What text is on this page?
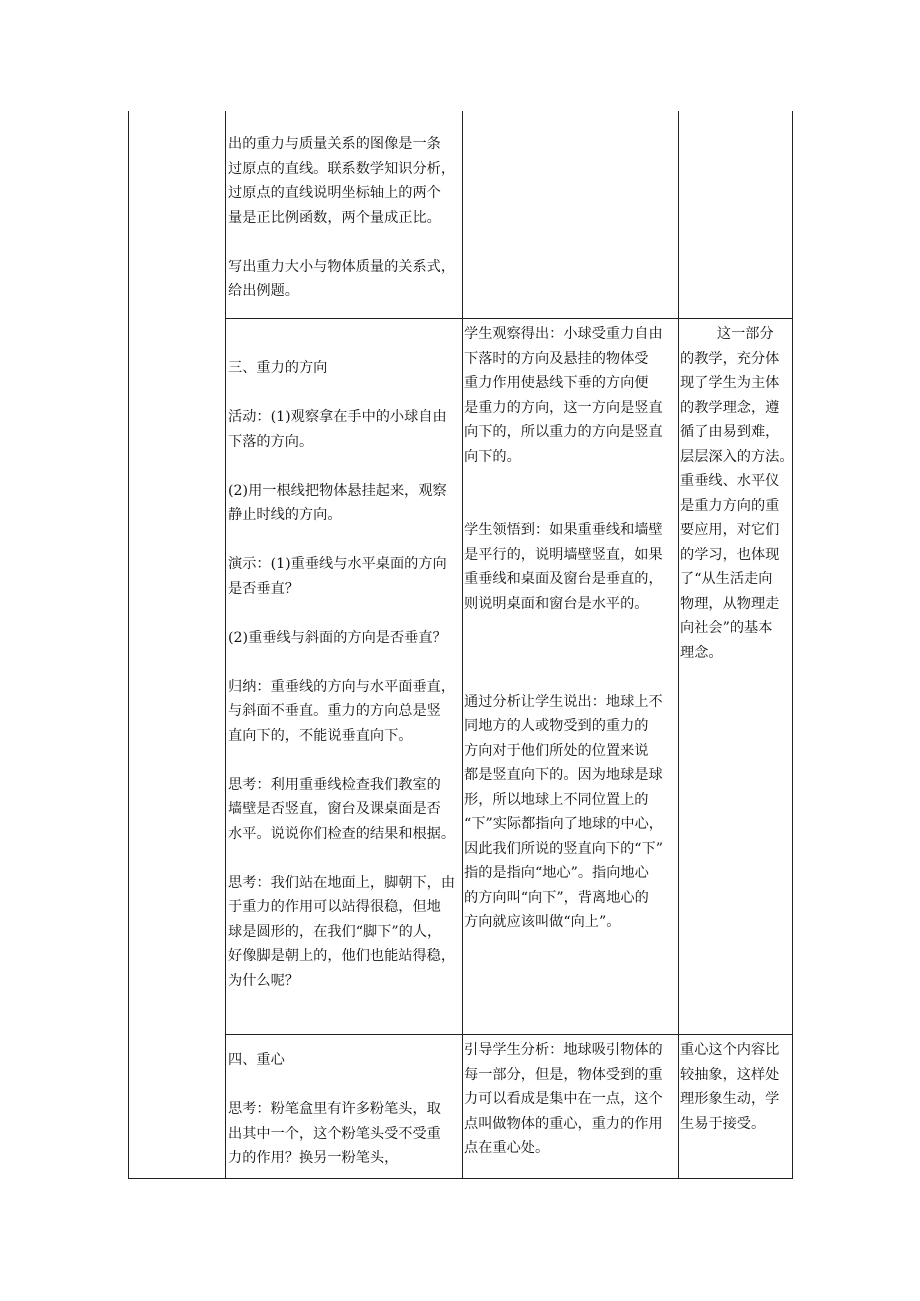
出的重力与质量关系的图像是一条
过原点的直线。联系数学知识分析，
过原点的直线说明坐标轴上的两个
量是正比例函数，两个量成正比。

写出重力大小与物体质量的关系式，
给出例题。

三、重力的方向

活动：(1)观察拿在手中的小球自由
下落的方向。

(2)用一根线把物体悬挂起来，观察
静止时线的方向。

演示：(1)重垂线与水平桌面的方向
是否垂直？

(2)重垂线与斜面的方向是否垂直？

归纳：重垂线的方向与水平面垂直，
与斜面不垂直。重力的方向总是竖
直向下的，不能说垂直向下。

思考：利用重垂线检查我们教室的
墙壁是否竖直，窗台及课桌面是否
水平。说说你们检查的结果和根据。

思考：我们站在地面上，脚朝下，由
于重力的作用可以站得很稳，但地
球是圆形的，在我们“脚下”的人，
好像脚是朝上的，他们也能站得稳，
为什么呢？

学生观察得出：小球受重力自由
下落时的方向及悬挂的物体受
重力作用使悬线下垂的方向便
是重力的方向，这一方向是竖直
向下的，所以重力的方向是竖直
向下的。

学生领悟到：如果重垂线和墙壁
是平行的，说明墙壁竖直，如果
重垂线和桌面及窗台是垂直的，
则说明桌面和窗台是水平的。

通过分析让学生说出：地球上不
同地方的人或物受到的重力的
方向对于他们所处的位置来说
都是竖直向下的。因为地球是球
形，所以地球上不同位置上的
“下”实际都指向了地球的中心，
因此我们所说的竖直向下的“下”
指的是指向“地心”。指向地心
的方向叫“向下”，背离地心的
方向就应该叫做“向上”。

这一部分

的教学，充分体
现了学生为主体
的教学理念，遵
循了由易到难，
层层深入的方法。
重垂线、水平仪
是重力方向的重
要应用，对它们
的学习，也体现
了“从生活走向
物理，从物理走
向社会”的基本
理念。

四、重心

思考：粉笔盒里有许多粉笔头，取
出其中一个，这个粉笔头受不受重
力的作用？换另一粉笔头，

引导学生分析：地球吸引物体的
每一部分，但是，物体受到的重
力可以看成是集中在一点，这个
点叫做物体的重心，重力的作用
点在重心处。

重心这个内容比
较抽象，这样处
理形象生动，学
生易于接受。
